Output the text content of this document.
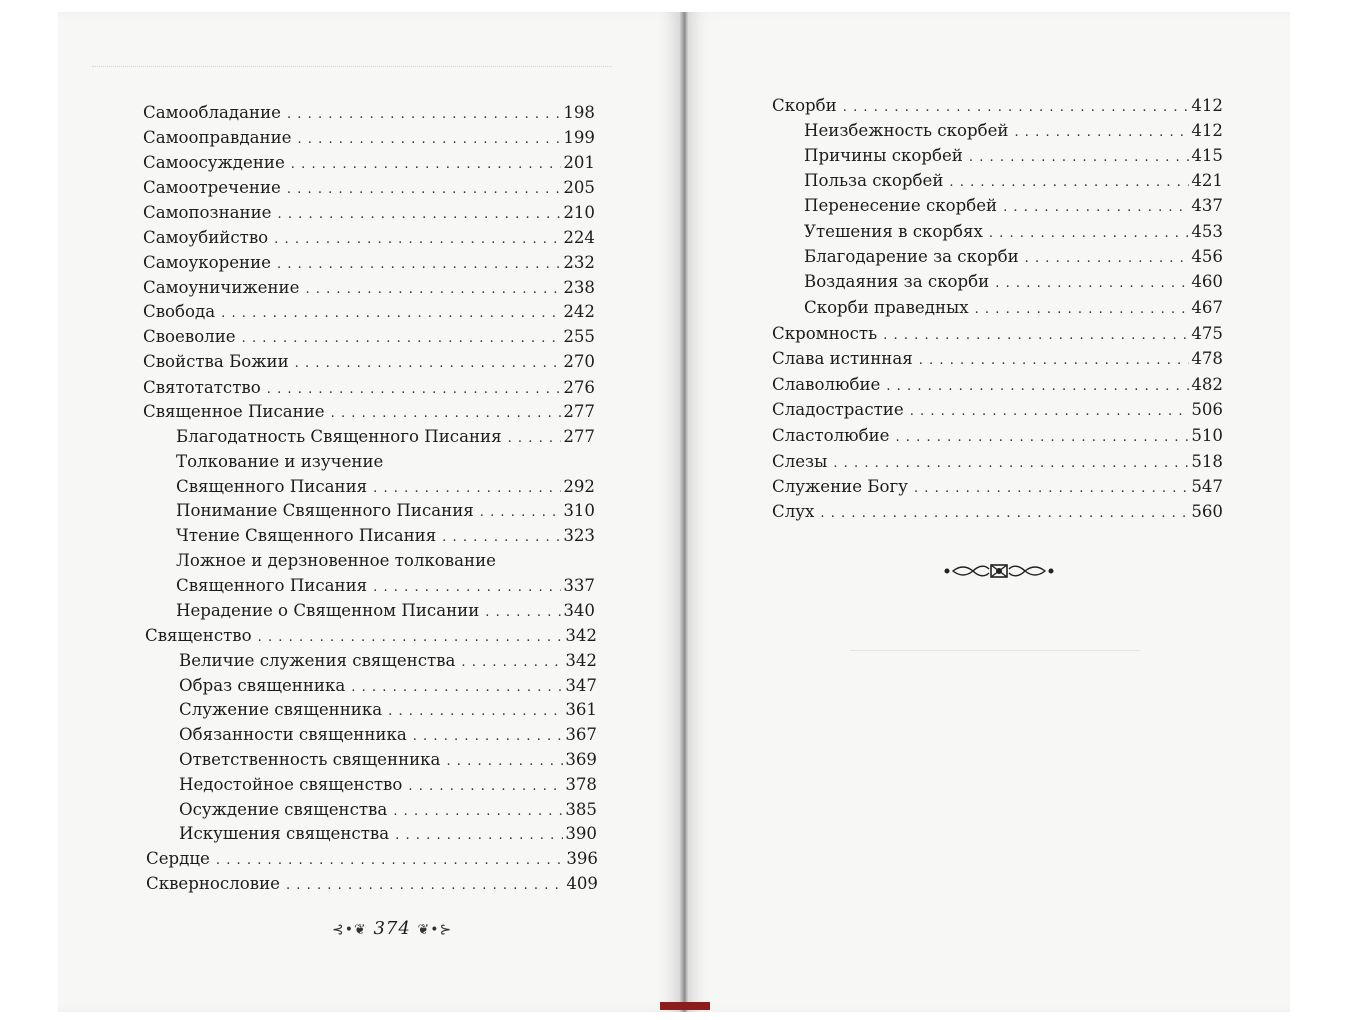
Самообладание .....	198
Самооправдание .....	199
Самоосуждение .....	201
Самоотречение .....	205
Самопознание .....	210
Самоубийство .....	224
Самоукорение .....	232
Самоуничижение .....	238
Свобода .....	242
Своеволие .....	255
Свойства Божии .....	270
Святотатство .....	276
Священное Писание .....	277
Благодатность Священного Писания .....	277
Толкование и изучение
Священного Писания .....	292
Понимание Священного Писания .....	310
Чтение Священного Писания .....	323
Ложное и дерзновенное толкование
Священного Писания .....	337
Нерадение о Священном Писании .....	340
Священство .....	342
Величие служения священства .....	342
Образ священника .....	347
Служение священника .....	361
Обязанности священника .....	367
Ответственность священника .....	369
Недостойное священство .....	378
Осуждение священства .....	385
Искушения священства .....	390
Сердце .....	396
Сквернословие .....	409
⊰•❦ 374 ❦•⊱
Скорби .....	412
Неизбежность скорбей .....	412
Причины скорбей .....	415
Польза скорбей .....	421
Перенесение скорбей .....	437
Утешения в скорбях .....	453
Благодарение за скорби .....	456
Воздаяния за скорби .....	460
Скорби праведных .....	467
Скромность .....	475
Слава истинная .....	478
Славолюбие .....	482
Сладострастие .....	506
Сластолюбие .....	510
Слезы .....	518
Служение Богу .....	547
Слух .....	560
